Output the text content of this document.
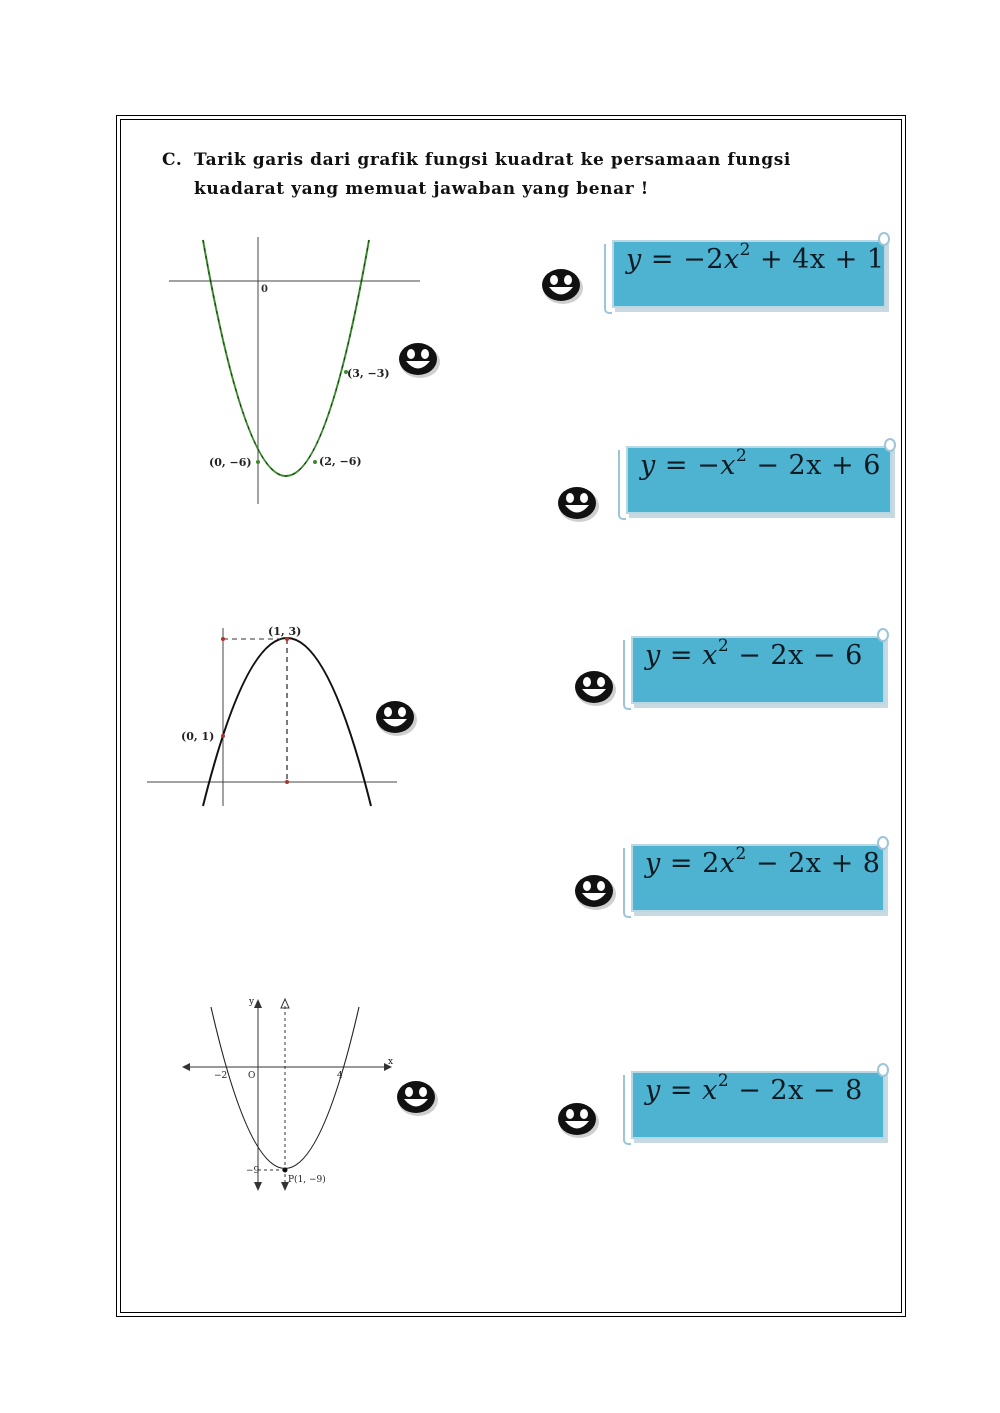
C. Tarik garis dari grafik fungsi kuadrat ke persamaan fungsi
kuadarat yang memuat jawaban yang benar !
0
(3, −3)
(0, −6)	(2, −6)
(1, 3)
(0, 1)
y
x
O
−2	4
−9
P(1, −9)
$y = -2x^2 + 4x + 1$
$y = -x^2 - 2x + 6$
$y = x^2 - 2x - 6$
$y = 2x^2 - 2x + 8$
$y = x^2 - 2x - 8$
